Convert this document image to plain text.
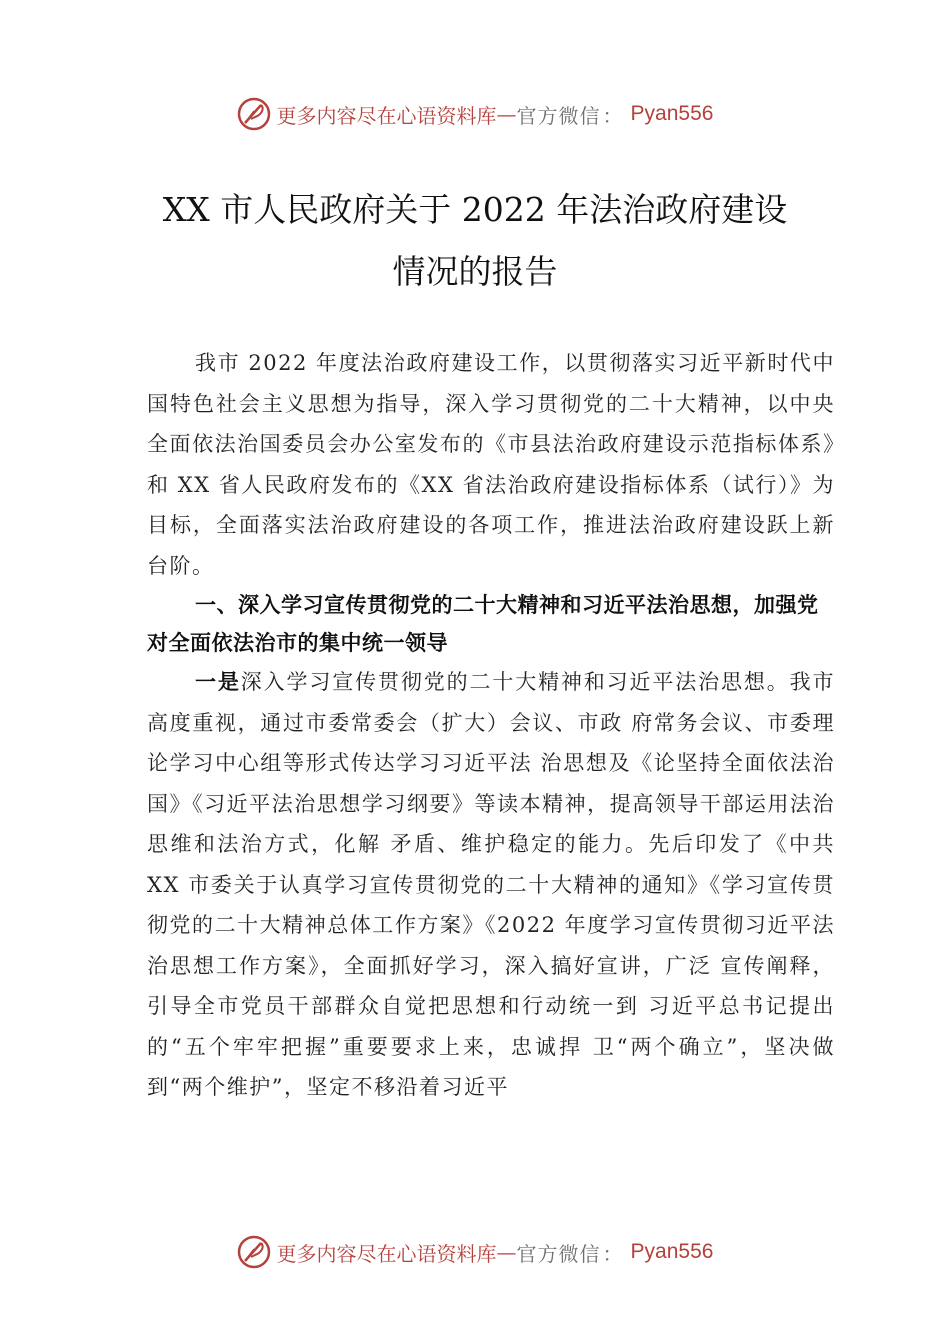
更多内容尽在心语资料库 — 官方微信 ： Pyan556
XX 市人民政府关于 2022 年法治政府建设
情况的报告

我市 2022 年度法治政府建设工作，以贯彻落实习近平新时代中国特色社会主义思想为指导，深入学习贯彻党的二十大精神，以中央全面依法治国委员会办公室发布的《市县法治政府建设示范指标体系》和 XX 省人民政府发布的《XX 省法治政府建设指标体系（试行）》为目标，全面落实法治政府建设的各项工作，推进法治政府建设跃上新台阶。

一、深入学习宣传贯彻党的二十大精神和习近平法治思想，加强党对全面依法治市的集中统一领导

一是深入学习宣传贯彻党的二十大精神和习近平法治思想。我市高度重视，通过市委常委会（扩大）会议、市政 府常务会议、市委理论学习中心组等形式传达学习习近平法 治思想及《论坚持全面依法治国》《习近平法治思想学习纲要》等读本精神，提高领导干部运用法治思维和法治方式，化解 矛盾、维护稳定的能力。先后印发了《中共 XX 市委关于认真学习宣传贯彻党的二十大精神的通知》《学习宣传贯彻党的二十大精神总体工作方案》《2022 年度学习宣传贯彻习近平法治思想工作方案》，全面抓好学习，深入搞好宣讲，广泛 宣传阐释，引导全市党员干部群众自觉把思想和行动统一到 习近平总书记提出的“五个牢牢把握”重要要求上来，忠诚捍 卫“两个确立”，坚决做到“两个维护”，坚定不移沿着习近平

更多内容尽在心语资料库 — 官方微信 ： Pyan556
